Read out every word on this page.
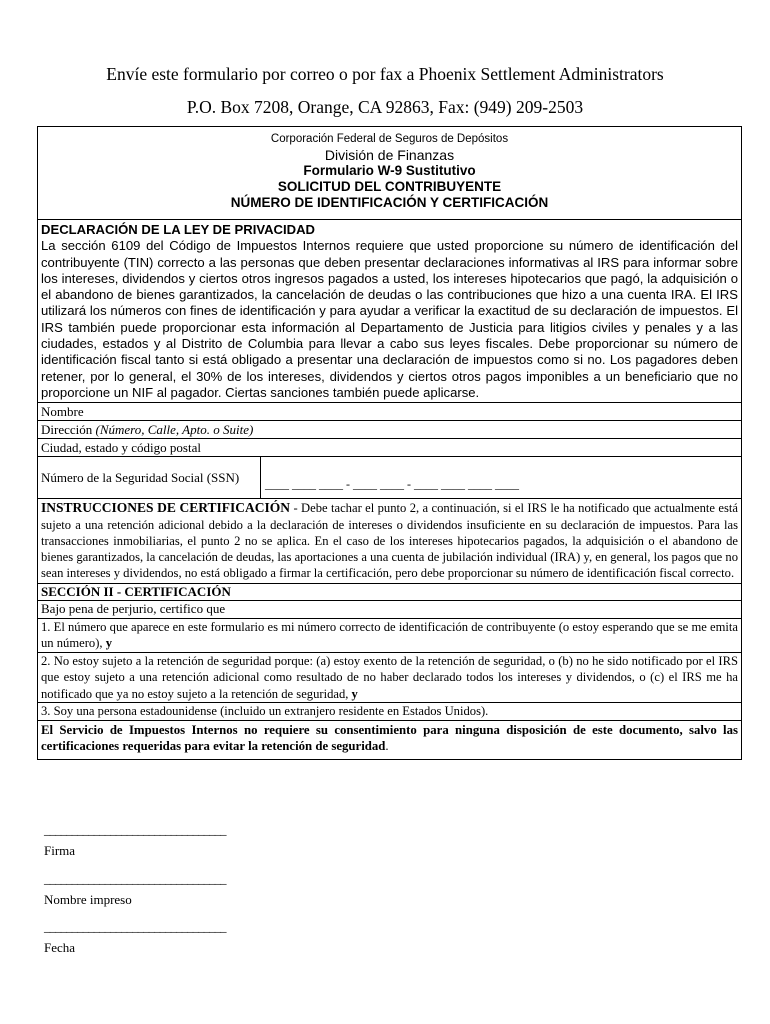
Envíe este formulario por correo o por fax a Phoenix Settlement Administrators
P.O. Box 7208, Orange, CA 92863, Fax: (949) 209-2503
Corporación Federal de Seguros de Depósitos
División de Finanzas
Formulario W-9 Sustitutivo
SOLICITUD DEL CONTRIBUYENTE
NÚMERO DE IDENTIFICACIÓN Y CERTIFICACIÓN
DECLARACIÓN DE LA LEY DE PRIVACIDAD
La sección 6109 del Código de Impuestos Internos requiere que usted proporcione su número de identificación del contribuyente (TIN) correcto a las personas que deben presentar declaraciones informativas al IRS para informar sobre los intereses, dividendos y ciertos otros ingresos pagados a usted, los intereses hipotecarios que pagó, la adquisición o el abandono de bienes garantizados, la cancelación de deudas o las contribuciones que hizo a una cuenta IRA. El IRS utilizará los números con fines de identificación y para ayudar a verificar la exactitud de su declaración de impuestos. El IRS también puede proporcionar esta información al Departamento de Justicia para litigios civiles y penales y a las ciudades, estados y al Distrito de Columbia para llevar a cabo sus leyes fiscales. Debe proporcionar su número de identificación fiscal tanto si está obligado a presentar una declaración de impuestos como si no. Los pagadores deben retener, por lo general, el 30% de los intereses, dividendos y ciertos otros pagos imponibles a un beneficiario que no proporcione un NIF al pagador. Ciertas sanciones también puede aplicarse.
Nombre
Dirección (Número, Calle, Apto. o Suite)
Ciudad, estado y código postal
Número de la Seguridad Social (SSN)	____ ____ ____ - ____ ____ - ____ ____ ____ ____
INSTRUCCIONES DE CERTIFICACIÓN - Debe tachar el punto 2, a continuación, si el IRS le ha notificado que actualmente está sujeto a una retención adicional debido a la declaración de intereses o dividendos insuficiente en su declaración de impuestos. Para las transacciones inmobiliarias, el punto 2 no se aplica. En el caso de los intereses hipotecarios pagados, la adquisición o el abandono de bienes garantizados, la cancelación de deudas, las aportaciones a una cuenta de jubilación individual (IRA) y, en general, los pagos que no sean intereses y dividendos, no está obligado a firmar la certificación, pero debe proporcionar su número de identificación fiscal correcto.
SECCIÓN II - CERTIFICACIÓN
Bajo pena de perjurio, certifico que
1. El número que aparece en este formulario es mi número correcto de identificación de contribuyente (o estoy esperando que se me emita un número), y
2. No estoy sujeto a la retención de seguridad porque: (a) estoy exento de la retención de seguridad, o (b) no he sido notificado por el IRS que estoy sujeto a una retención adicional como resultado de no haber declarado todos los intereses y dividendos, o (c) el IRS me ha notificado que ya no estoy sujeto a la retención de seguridad, y
3. Soy una persona estadounidense (incluido un extranjero residente en Estados Unidos).
El Servicio de Impuestos Internos no requiere su consentimiento para ninguna disposición de este documento, salvo las certificaciones requeridas para evitar la retención de seguridad.
_________________________________
Firma
_________________________________
Nombre impreso
_________________________________
Fecha
